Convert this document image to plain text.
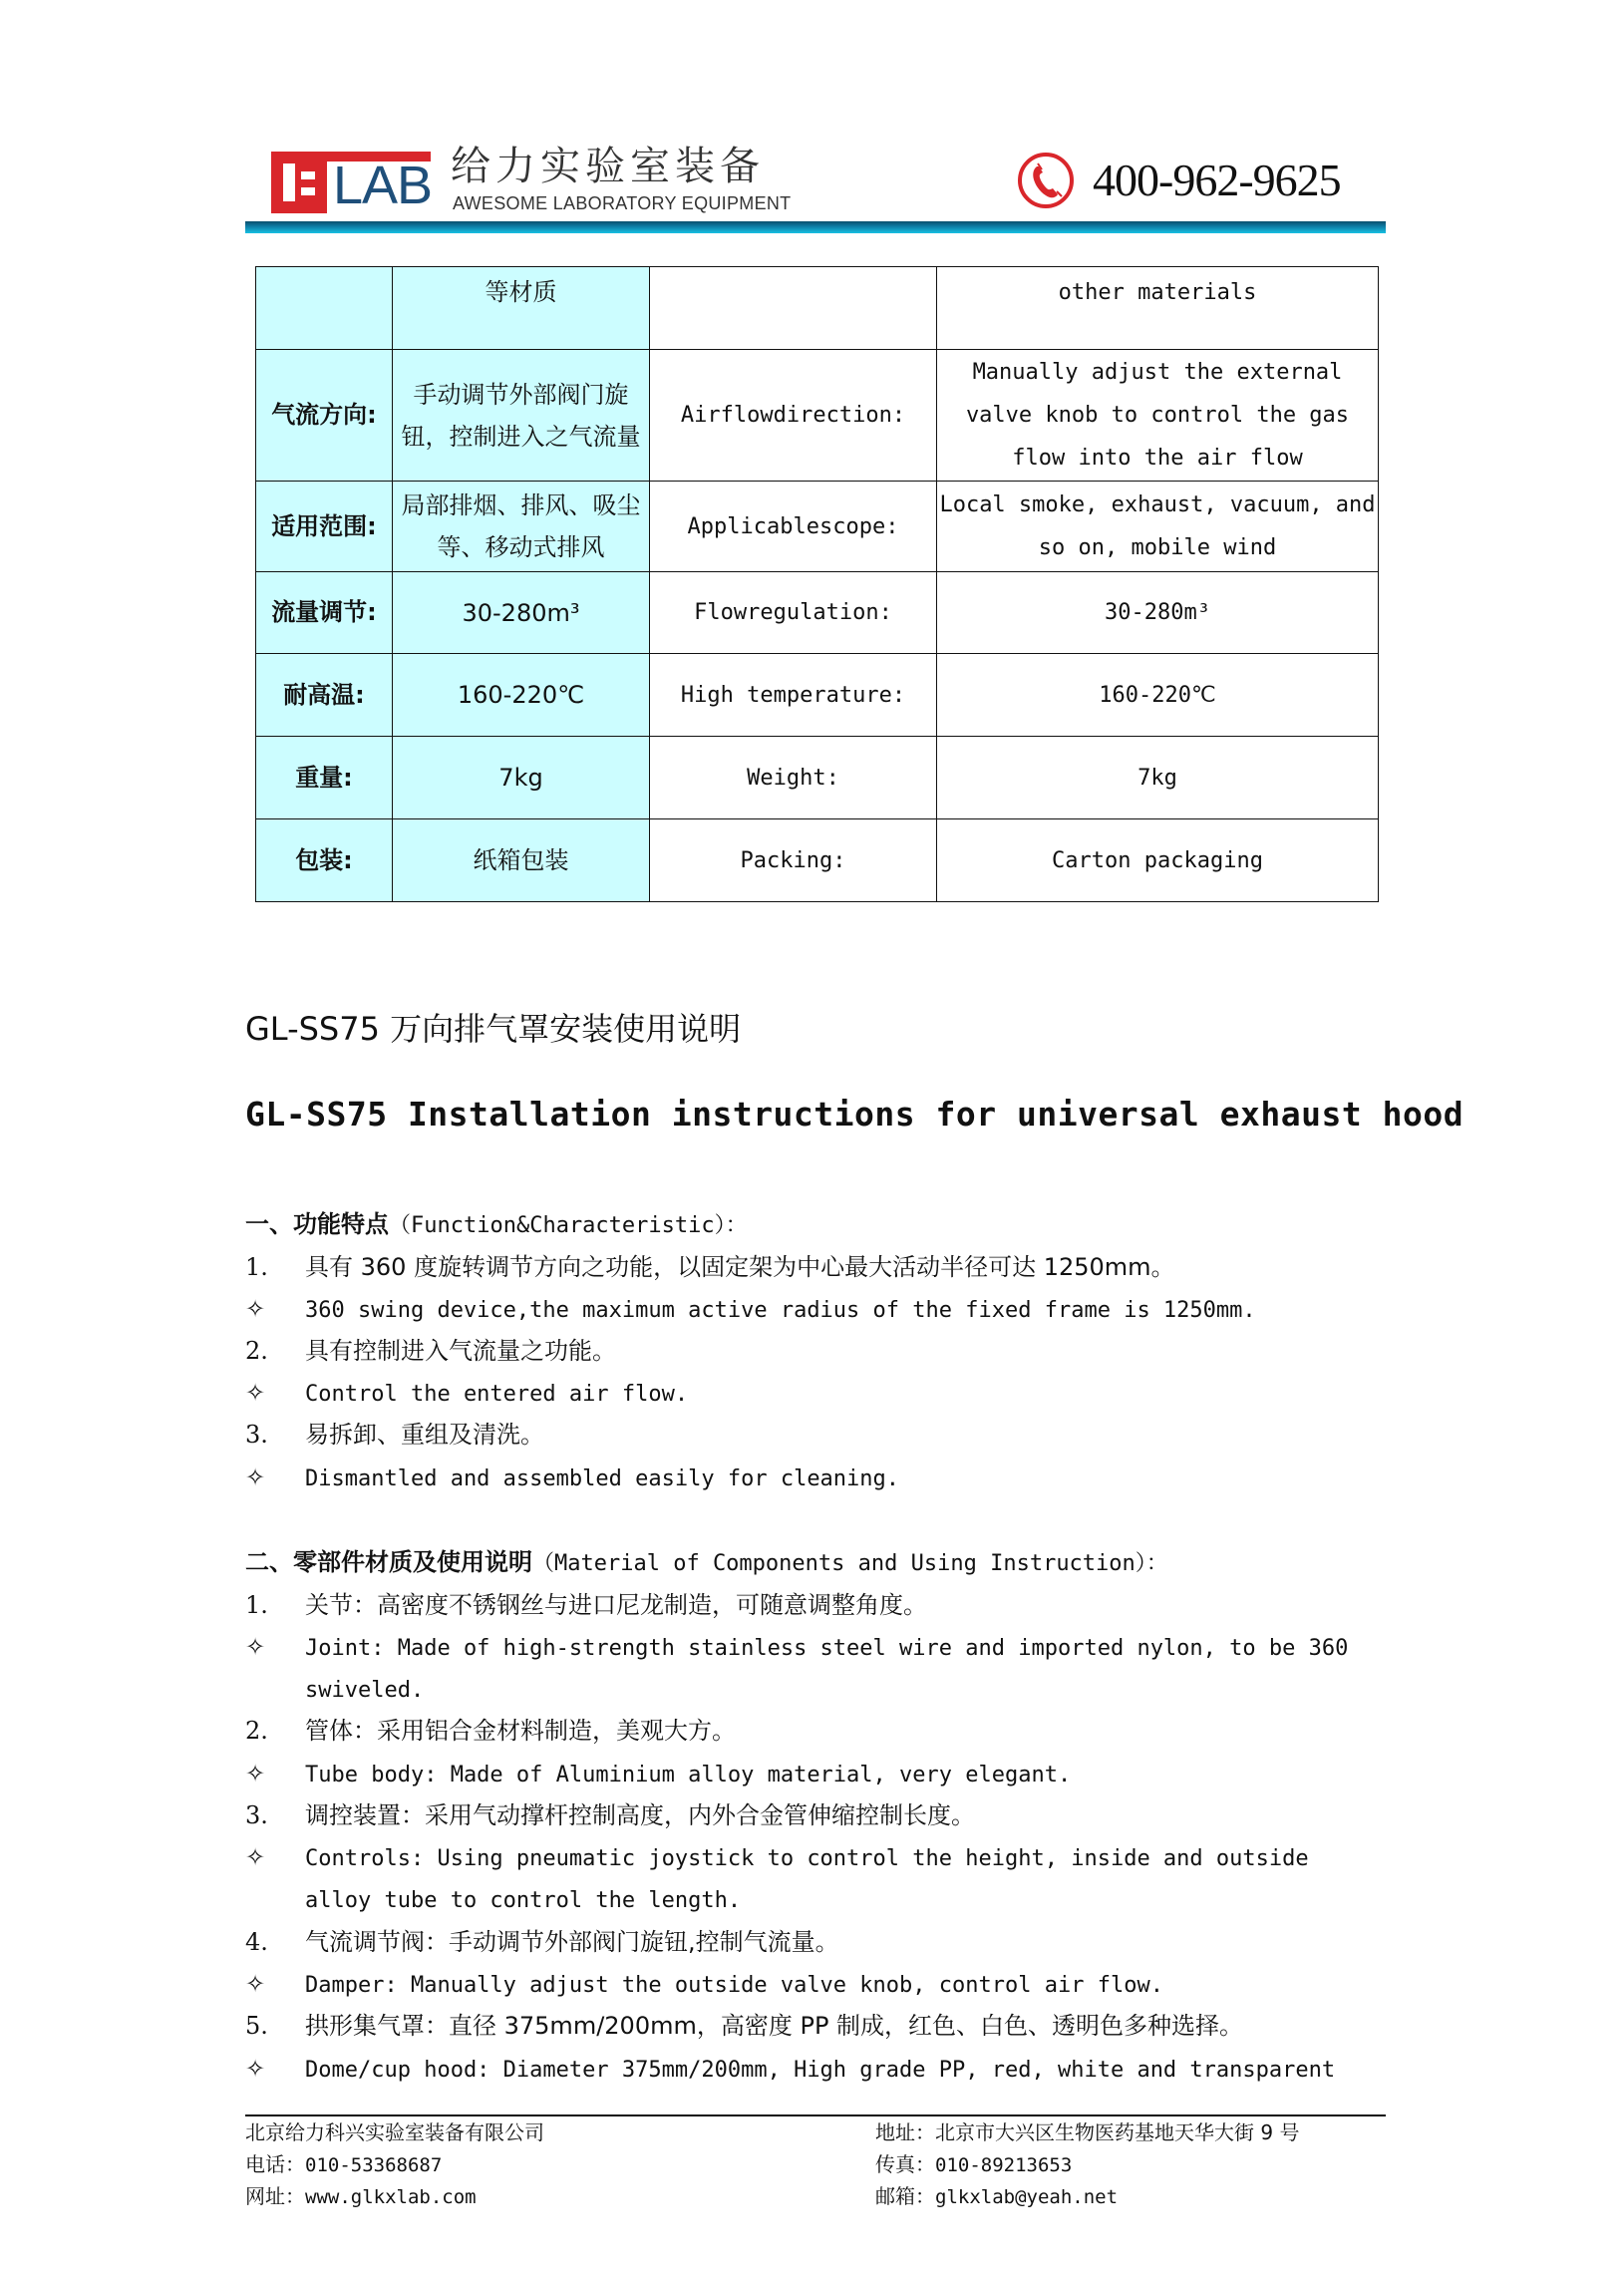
LAB 给力实验室装备
AWESOME LABORATORY EQUIPMENT	400-962-9625
	等材质		other materials
气流方向:	手动调节外部阀门旋钮，控制进入之气流量	Airflowdirection:	Manually adjust the external valve knob to control the gas flow into the air flow
适用范围:	局部排烟、排风、吸尘等、移动式排风	Applicablescope:	Local smoke, exhaust, vacuum, and so on, mobile wind
流量调节:	30-280m³	Flowregulation:	30-280m³
耐高温:	160-220℃	High temperature:	160-220℃
重量:	7kg	Weight:	7kg
包装:	纸箱包装	Packing:	Carton packaging
GL-SS75 万向排气罩安装使用说明
GL-SS75 Installation instructions for universal exhaust hood
一、功能特点（Function&Characteristic）：
1. 具有 360 度旋转调节方向之功能，以固定架为中心最大活动半径可达 1250mm。
✧ 360 swing device,the maximum active radius of the fixed frame is 1250mm.
2. 具有控制进入气流量之功能。
✧ Control the entered air flow.
3. 易拆卸、重组及清洗。
✧ Dismantled and assembled easily for cleaning.
二、零部件材质及使用说明（Material of Components and Using Instruction）：
1. 关节：高密度不锈钢丝与进口尼龙制造，可随意调整角度。
✧ Joint: Made of high-strength stainless steel wire and imported nylon, to be 360
swiveled.
2. 管体：采用铝合金材料制造，美观大方。
✧ Tube body: Made of Aluminium alloy material, very elegant.
3. 调控装置：采用气动撑杆控制高度，内外合金管伸缩控制长度。
✧ Controls: Using pneumatic joystick to control the height, inside and outside
alloy tube to control the length.
4. 气流调节阀：手动调节外部阀门旋钮,控制气流量。
✧ Damper: Manually adjust the outside valve knob, control air flow.
5. 拱形集气罩：直径 375mm/200mm，高密度 PP 制成，红色、白色、透明色多种选择。
✧ Dome/cup hood: Diameter 375mm/200mm, High grade PP, red, white and transparent
北京给力科兴实验室装备有限公司
电话：010-53368687
网址：www.glkxlab.com
地址：北京市大兴区生物医药基地天华大街 9 号
传真：010-89213653
邮箱：glkxlab@yeah.net
